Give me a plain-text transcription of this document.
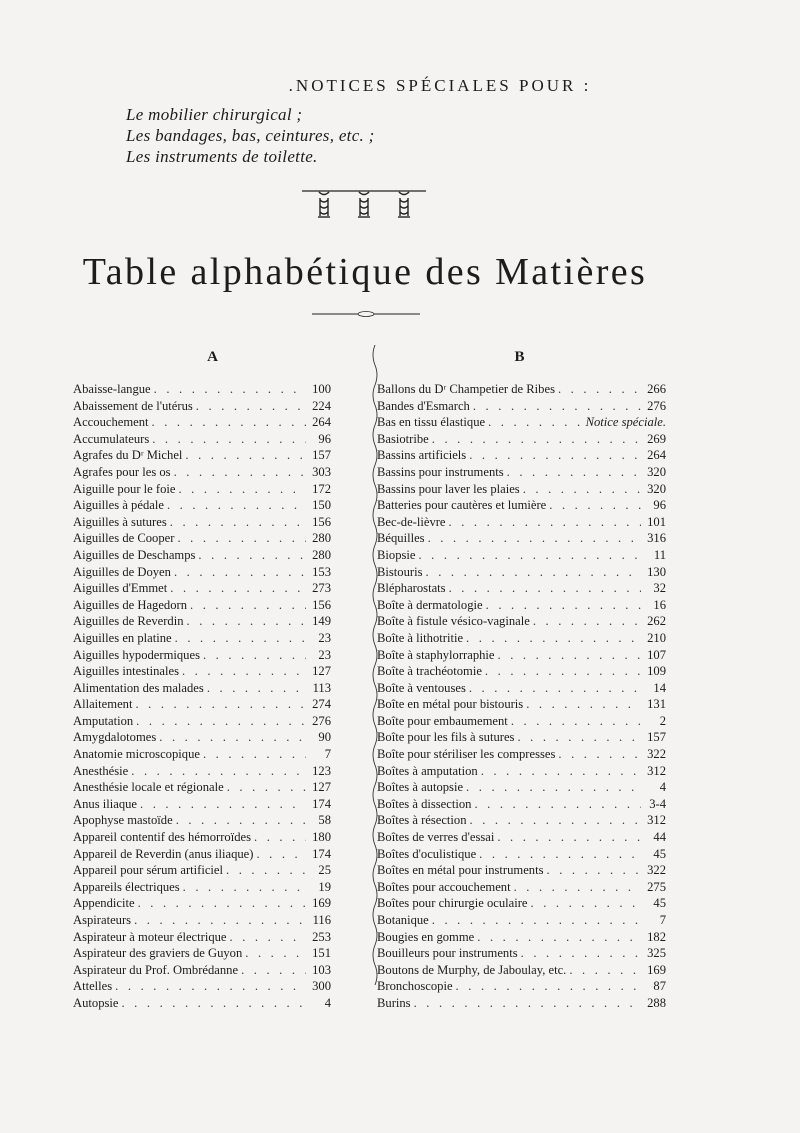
.NOTICES SPÉCIALES POUR :
Le mobilier chirurgical ;
Les bandages, bas, ceintures, etc. ;
Les instruments de toilette.
Table alphabétique des Matières
A	B
Abaisse-langue . . .	100
Abaissement de l'utérus . . .	224
Accouchement . . .	264
Accumulateurs . . .	96
Agrafes du Dʳ Michel . . .	157
Agrafes pour les os . . .	303
Aiguille pour le foie . . .	172
Aiguilles à pédale . . .	150
Aiguilles à sutures . . .	156
Aiguilles de Cooper . . .	280
Aiguilles de Deschamps . . .	280
Aiguilles de Doyen . . .	153
Aiguilles d'Emmet . . .	273
Aiguilles de Hagedorn . . .	156
Aiguilles de Reverdin . . .	149
Aiguilles en platine . . .	23
Aiguilles hypodermiques . . .	23
Aiguilles intestinales . . .	127
Alimentation des malades . . .	113
Allaitement . . .	274
Amputation . . .	276
Amygdalotomes . . .	90
Anatomie microscopique . . .	7
Anesthésie . . .	123
Anesthésie locale et régionale . . .	127
Anus iliaque . . .	174
Apophyse mastoïde . . .	58
Appareil contentif des hémorroïdes . . .	180
Appareil de Reverdin (anus iliaque) . . .	174
Appareil pour sérum artificiel . . .	25
Appareils électriques . . .	19
Appendicite . . .	169
Aspirateurs . . .	116
Aspirateur à moteur électrique . . .	253
Aspirateur des graviers de Guyon . . .	151
Aspirateur du Prof. Ombrédanne . . .	103
Attelles . . .	300
Autopsie . . .	4
Ballons du Dʳ Champetier de Ribes . . .	266
Bandes d'Esmarch . . .	276
Bas en tissu élastique . . .	Notice spéciale.
Basiotribe . . .	269
Bassins artificiels . . .	264
Bassins pour instruments . . .	320
Bassins pour laver les plaies . . .	320
Batteries pour cautères et lumière . . .	96
Bec-de-lièvre . . .	101
Béquilles . . .	316
Biopsie . . .	11
Bistouris . . .	130
Blépharostats . . .	32
Boîte à dermatologie . . .	16
Boîte à fistule vésico-vaginale . . .	262
Boîte à lithotritie . . .	210
Boîte à staphylorraphie . . .	107
Boîte à trachéotomie . . .	109
Boîte à ventouses . . .	14
Boîte en métal pour bistouris . . .	131
Boîte pour embaumement . . .	2
Boîte pour les fils à sutures . . .	157
Boîte pour stériliser les compresses . . .	322
Boîtes à amputation . . .	312
Boîtes à autopsie . . .	4
Boîtes à dissection . . .	3-4
Boîtes à résection . . .	312
Boîtes de verres d'essai . . .	44
Boîtes d'oculistique . . .	45
Boîtes en métal pour instruments . . .	322
Boîtes pour accouchement . . .	275
Boîtes pour chirurgie oculaire . . .	45
Botanique . . .	7
Bougies en gomme . . .	182
Bouilleurs pour instruments . . .	325
Boutons de Murphy, de Jaboulay, etc. . . .	169
Bronchoscopie . . .	87
Burins . . .	288
